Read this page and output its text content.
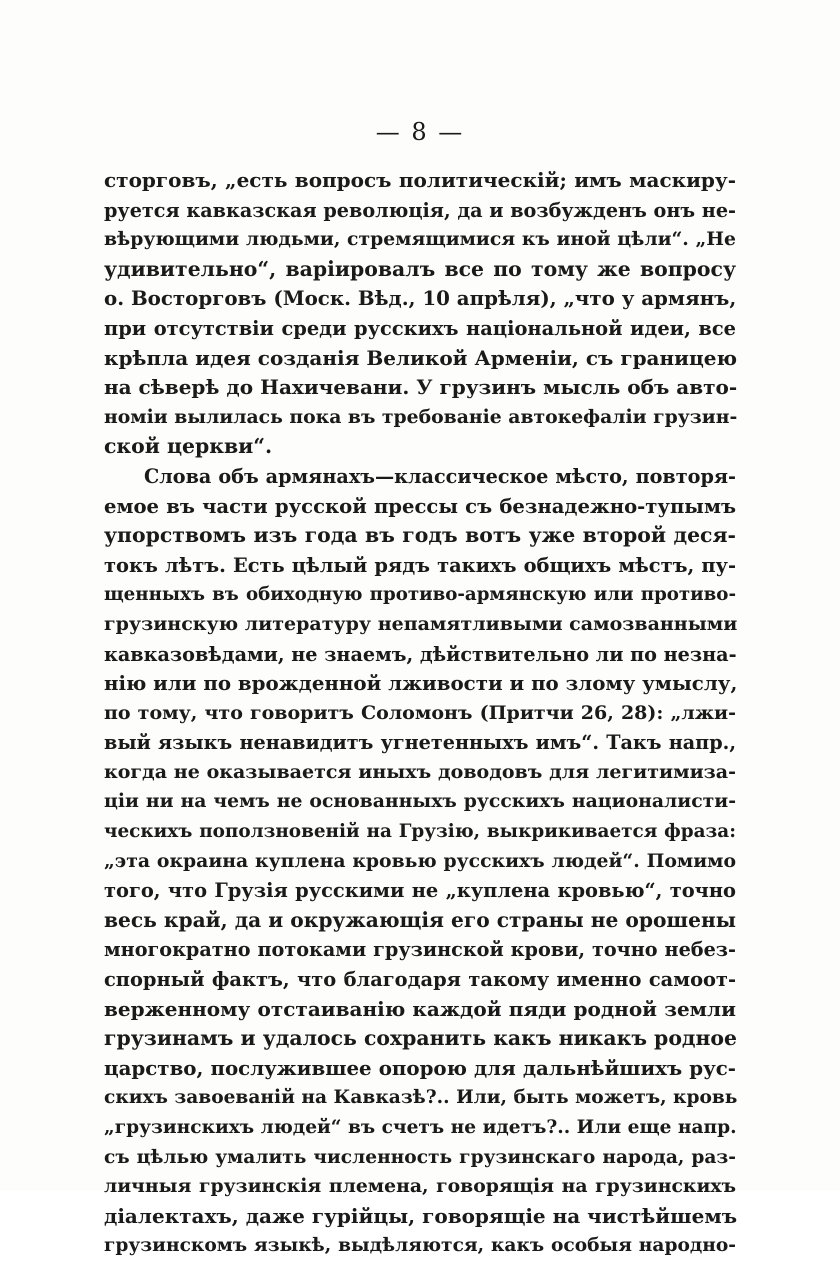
— 8 —
сторговъ, „есть вопросъ политическій; имъ маскиру-
руется кавказская революція, да и возбужденъ онъ не-
вѣрующими людьми, стремящимися къ иной цѣли“. „Не
удивительно“, варіировалъ все по тому же вопросу
о. Востоpговъ (Моск. Вѣд., 10 апрѣля), „что у армянъ,
при отсутствіи среди русскихъ національной идеи, все
крѣпла идея созданія Великой Арменіи, съ границею
на сѣверѣ до Нахичевани. У грузинъ мысль объ авто-
номіи вылилась пока въ требованіе автокефаліи грузин-
ской церкви“.
Слова объ армянахъ—классическое мѣсто, повторя-
емое въ части русской прессы съ безнадежно-тупымъ
упорствомъ изъ года въ годъ вотъ уже второй деся-
токъ лѣтъ. Есть цѣлый рядъ такихъ общихъ мѣстъ, пу-
щенныхъ въ обиходную противо-армянскую или противо-
грузинскую литературу непамятливыми самозванными
кавказовѣдами, не знаемъ, дѣйствительно ли по незна-
нію или по врожденной лживости и по злому умыслу,
по тому, что говоритъ Соломонъ (Притчи 26, 28): „лжи-
вый языкъ ненавидитъ угнетенныхъ имъ“. Такъ напр.,
когда не оказывается иныхъ доводовъ для легитимиза-
ціи ни на чемъ не основанныхъ русскихъ националисти-
ческихъ поползновеній на Грузію, выкрикивается фраза:
„эта окраина куплена кровью русскихъ людей“. Помимо
того, что Грузія русскими не „куплена кровью“, точно
весь край, да и окружающія его страны не орошены
многократно потоками грузинской крови, точно небез-
спорный фактъ, что благодаря такому именно самоот-
верженному отстаиванію каждой пяди родной земли
грузинамъ и удалось сохранить какъ никакъ родное
царство, послужившее опорою для дальнѣйшихъ рус-
скихъ завоеваній на Кавказѣ?.. Или, быть можетъ, кровь
„грузинскихъ людей“ въ счетъ не идетъ?.. Или еще напр.
съ цѣлью умалить численность грузинскаго народа, раз-
личныя грузинскія племена, говорящія на грузинскихъ
діалектахъ, даже гурійцы, говорящіе на чистѣйшемъ
грузинскомъ языкѣ, выдѣляются, какъ особыя народно-
